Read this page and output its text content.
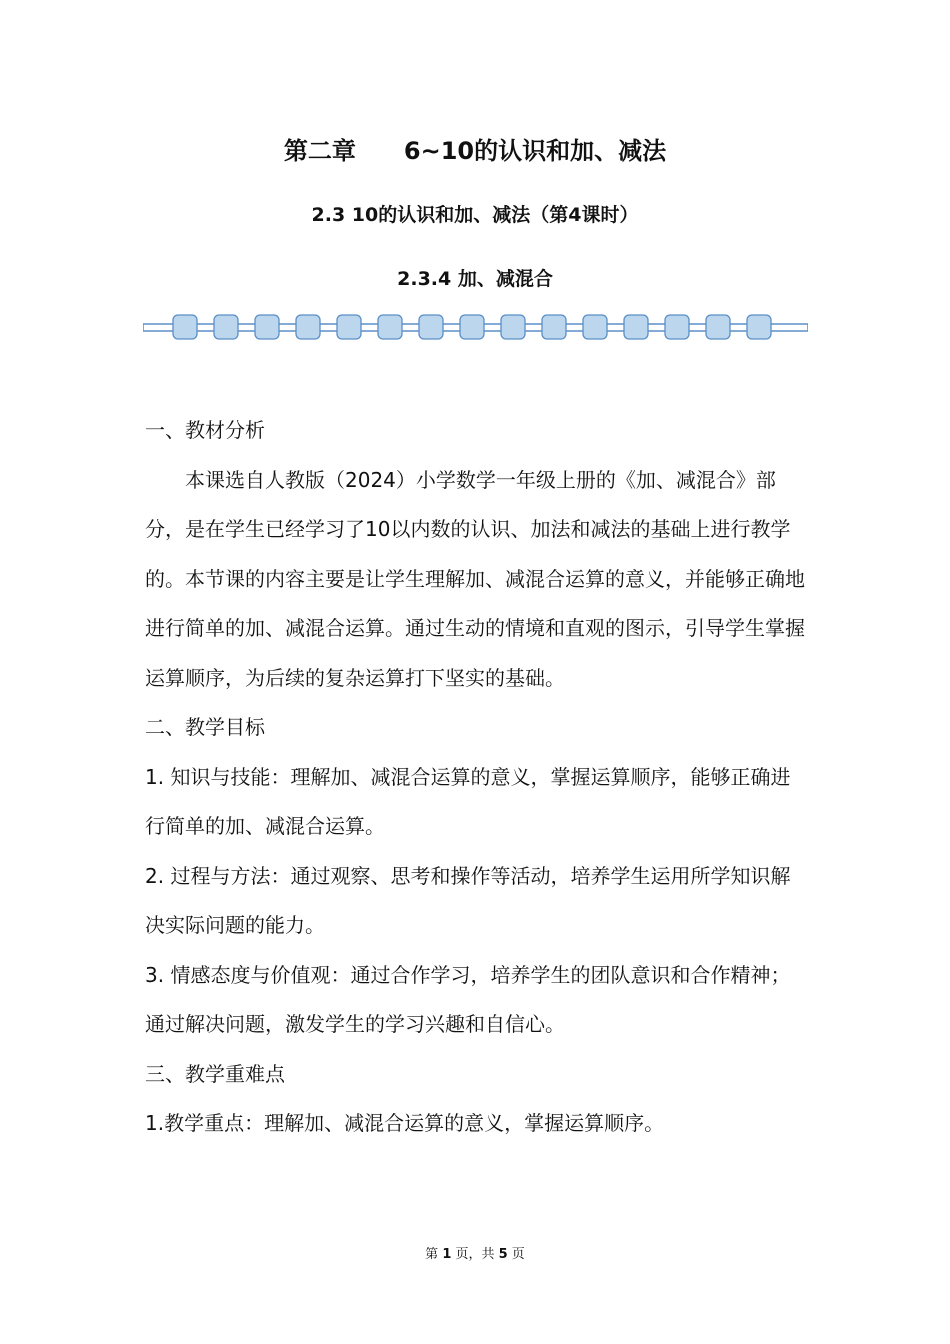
第二章　　6~10的认识和加、减法
2.3 10的认识和加、减法（第4课时）
2.3.4 加、减混合

一、教材分析

本课选自人教版（2024）小学数学一年级上册的《加、减混合》部分，是在学生已经学习了10以内数的认识、加法和减法的基础上进行教学的。本节课的内容主要是让学生理解加、减混合运算的意义，并能够正确地进行简单的加、减混合运算。通过生动的情境和直观的图示，引导学生掌握运算顺序，为后续的复杂运算打下坚实的基础。

二、教学目标

1. 知识与技能：理解加、减混合运算的意义，掌握运算顺序，能够正确进行简单的加、减混合运算。

2. 过程与方法：通过观察、思考和操作等活动，培养学生运用所学知识解决实际问题的能力。

3. 情感态度与价值观：通过合作学习，培养学生的团队意识和合作精神；通过解决问题，激发学生的学习兴趣和自信心。

三、教学重难点

1.教学重点：理解加、减混合运算的意义，掌握运算顺序。

第 1 页，共 5 页
